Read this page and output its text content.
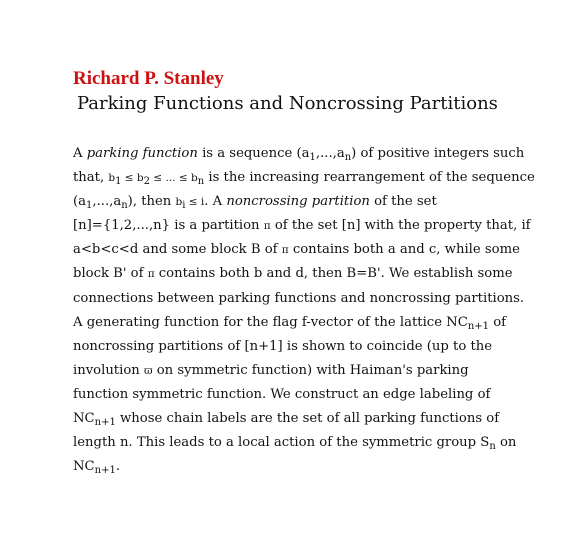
Richard P. Stanley
Parking Functions and Noncrossing Partitions
A parking function is a sequence $(a_1,...,a_n)$ of positive integers such
that, $b_1 \le b_2$ ≤ ... ≤ $b_n$ is the increasing rearrangement of the sequence
$(a_1,...,a_n)$, then $b_i \le i$. A noncrossing partition of the set
[n]={1,2,...,n} is a partition π of the set [n] with the property that, if
a<b<c<d and some block B of π contains both a and c, while some
block B' of π contains both b and d, then B=B'. We establish some
connections between parking functions and noncrossing partitions.
A generating function for the flag f-vector of the lattice $NC_{n+1}$ of
noncrossing partitions of [n+1] is shown to coincide (up to the
involution ϖ on symmetric function) with Haiman's parking
function symmetric function. We construct an edge labeling of
$NC_{n+1}$ whose chain labels are the set of all parking functions of
length n. This leads to a local action of the symmetric group $S_n$ on
$NC_{n+1}$.
